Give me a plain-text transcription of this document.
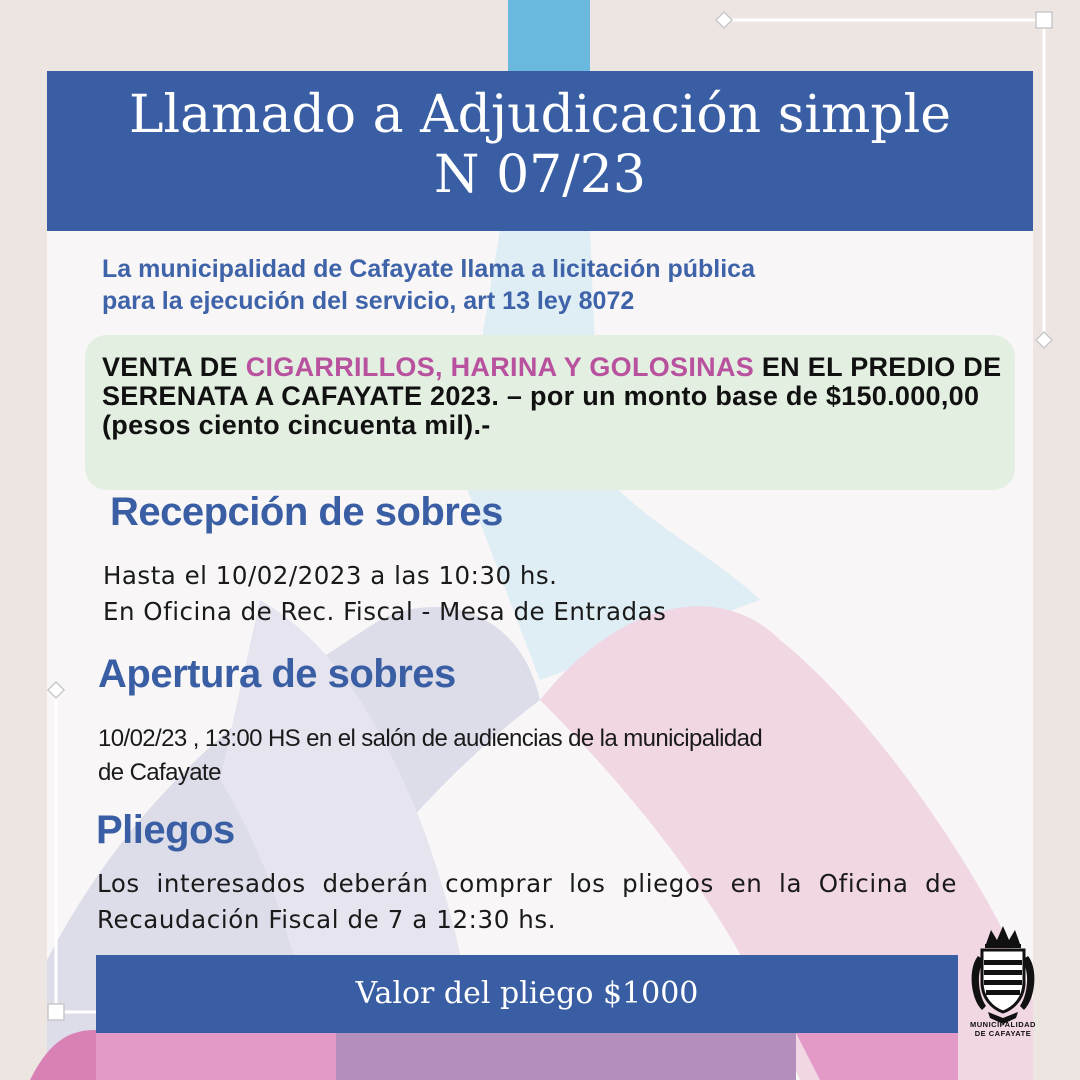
Llamado a Adjudicación simple
N 07/23
La municipalidad de Cafayate llama a licitación pública
para la ejecución del servicio, art 13 ley 8072
VENTA DE CIGARRILLOS, HARINA Y GOLOSINAS EN EL PREDIO DE SERENATA A CAFAYATE 2023. – por un monto base de $150.000,00 (pesos ciento cincuenta mil).-
Recepción de sobres
Hasta el 10/02/2023 a las 10:30 hs.
En Oficina de Rec. Fiscal - Mesa de Entradas
Apertura de sobres
10/02/23 , 13:00 HS en el salón de audiencias de la municipalidad
de Cafayate
Pliegos
Los interesados deberán comprar los pliegos en la Oficina de Recaudación Fiscal de 7 a 12:30 hs.
Valor del pliego $1000
MUNICIPALIDAD
DE CAFAYATE
